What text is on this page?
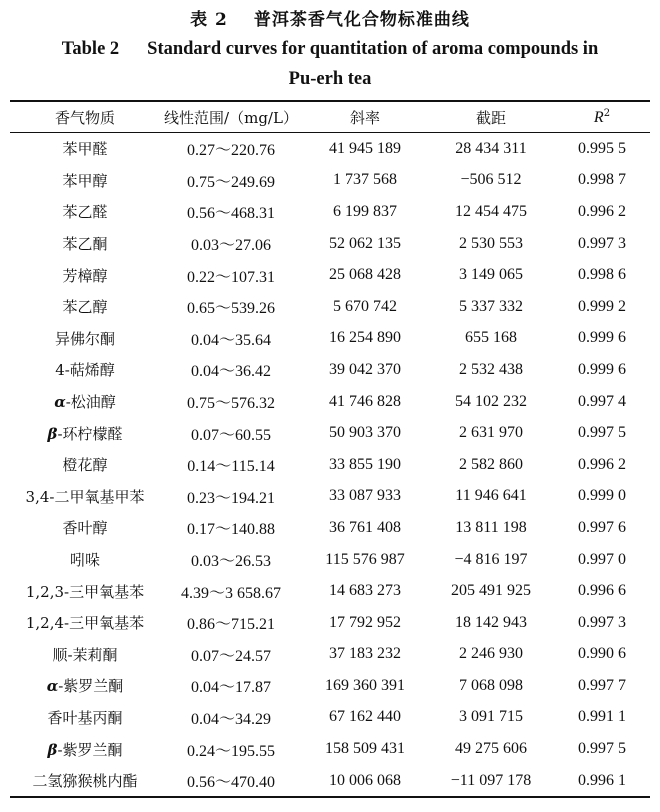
表 2 普洱茶香气化合物标准曲线
Table 2 Standard curves for quantitation of aroma compounds in
Pu-erh tea
香气物质	线性范围/（mg/L）	斜率	截距	$R^2$
苯甲醛	0.27～220.76	41 945 189	28 434 311	0.995 5
苯甲醇	0.75～249.69	1 737 568	−506 512	0.998 7
苯乙醛	0.56～468.31	6 199 837	12 454 475	0.996 2
苯乙酮	0.03～27.06	52 062 135	2 530 553	0.997 3
芳樟醇	0.22～107.31	25 068 428	3 149 065	0.998 6
苯乙醇	0.65～539.26	5 670 742	5 337 332	0.999 2
异佛尔酮	0.04～35.64	16 254 890	655 168	0.999 6
4-萜烯醇	0.04～36.42	39 042 370	2 532 438	0.999 6
α-松油醇	0.75～576.32	41 746 828	54 102 232	0.997 4
β-环柠檬醛	0.07～60.55	50 903 370	2 631 970	0.997 5
橙花醇	0.14～115.14	33 855 190	2 582 860	0.996 2
3,4-二甲氧基甲苯	0.23～194.21	33 087 933	11 946 641	0.999 0
香叶醇	0.17～140.88	36 761 408	13 811 198	0.997 6
吲哚	0.03～26.53	115 576 987	−4 816 197	0.997 0
1,2,3-三甲氧基苯	4.39～3 658.67	14 683 273	205 491 925	0.996 6
1,2,4-三甲氧基苯	0.86～715.21	17 792 952	18 142 943	0.997 3
顺-茉莉酮	0.07～24.57	37 183 232	2 246 930	0.990 6
α-紫罗兰酮	0.04～17.87	169 360 391	7 068 098	0.997 7
香叶基丙酮	0.04～34.29	67 162 440	3 091 715	0.991 1
β-紫罗兰酮	0.24～195.55	158 509 431	49 275 606	0.997 5
二氢猕猴桃内酯	0.56～470.40	10 006 068	−11 097 178	0.996 1
